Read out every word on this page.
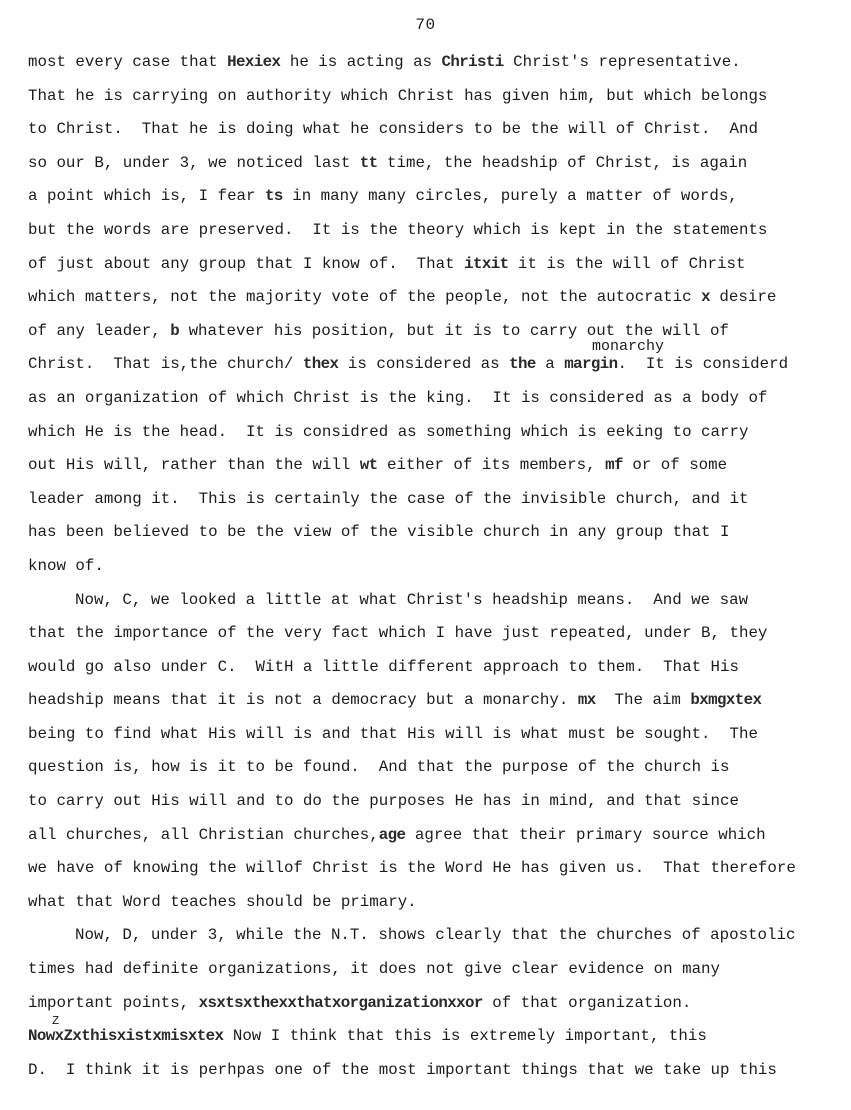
70
most every case that Hexiex he is acting as Christi Christ's representative.
That he is carrying on authority which Christ has given him, but which belongs
to Christ.  That he is doing what he considers to be the will of Christ.  And
so our B, under 3, we noticed last tt time, the headship of Christ, is again
a point which is, I fear ts in many many circles, purely a matter of words,
but the words are preserved.  It is the theory which is kept in the statements
of just about any group that I know of.  That itxit it is the will of Christ
which matters, not the majority vote of the people, not the autocratic x desire
of any leader, b whatever his position, but it is to carry out the will of
Christ.  That is,the church/ thex is considered as the a margin.  It is considerd
as an organization of which Christ is the king.  It is considered as a body of
which He is the head.  It is considred as something which is eeking to carry
out His will, rather than the will wt either of its members, mf or of some
leader among it.  This is certainly the case of the invisible church, and it
has been believed to be the view of the visible church in any group that I
know of.
Now, C, we looked a little at what Christ's headship means.  And we saw
that the importance of the very fact which I have just repeated, under B, they
would go also under C.  WitH a little different approach to them.  That His
headship means that it is not a democracy but a monarchy. mx  The aim bxmgxtex
being to find what His will is and that His will is what must be sought.  The
question is, how is it to be found.  And that the purpose of the church is
to carry out His will and to do the purposes He has in mind, and that since
all churches, all Christian churches,age agree that their primary source which
we have of knowing the willof Christ is the Word He has given us.  That therefore
what that Word teaches should be primary.
Now, D, under 3, while the N.T. shows clearly that the churches of apostolic
times had definite organizations, it does not give clear evidence on many
important points, xsxtsxthexxthatxorganizationxxor of that organization.
NowxZxthisxistxmisxtex Now I think that this is extremely important, this
D.  I think it is perhpas one of the most important things that we take up this
monarchy
Z
